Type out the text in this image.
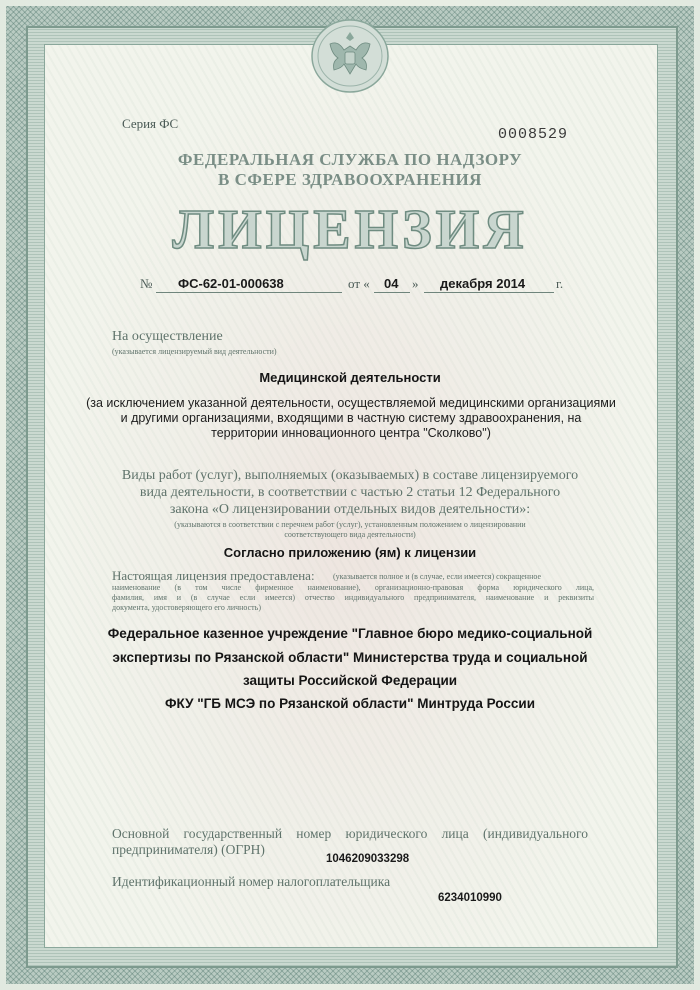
Серия ФС
0008529
ФЕДЕРАЛЬНАЯ СЛУЖБА ПО НАДЗОРУ
В СФЕРЕ ЗДРАВООХРАНЕНИЯ
ЛИЦЕНЗИЯ
№ ФС-62-01-000638	от « 04 » декабря 2014 г.
На осуществление
(указывается лицензируемый вид деятельности)
Медицинской деятельности
(за исключением указанной деятельности, осуществляемой медицинскими организациями
и другими организациями, входящими в частную систему здравоохранения, на
территории инновационного центра "Сколково")
Виды работ (услуг), выполняемых (оказываемых) в составе лицензируемого
вида деятельности, в соответствии с частью 2 статьи 12 Федерального
закона «О лицензировании отдельных видов деятельности»:
(указываются в соответствии с перечнем работ (услуг), установленным положением о лицензировании
соответствующего вида деятельности)
Согласно приложению (ям) к лицензии
Настоящая лицензия предоставлена: (указывается полное и (в случае, если имеется) сокращенное
наименование (в том числе фирменное наименование), организационно-правовая форма юридического лица,
фамилия, имя и (в случае если имеется) отчество индивидуального предпринимателя, наименование и реквизиты
документа, удостоверяющего его личность)
Федеральное казенное учреждение "Главное бюро медико-социальной
экспертизы по Рязанской области" Министерства труда и социальной
защиты Российской Федерации
ФКУ "ГБ МСЭ по Рязанской области" Минтруда России
Основной государственный номер юридического лица (индивидуального
предпринимателя) (ОГРН)
1046209033298
Идентификационный номер налогоплательщика
6234010990
